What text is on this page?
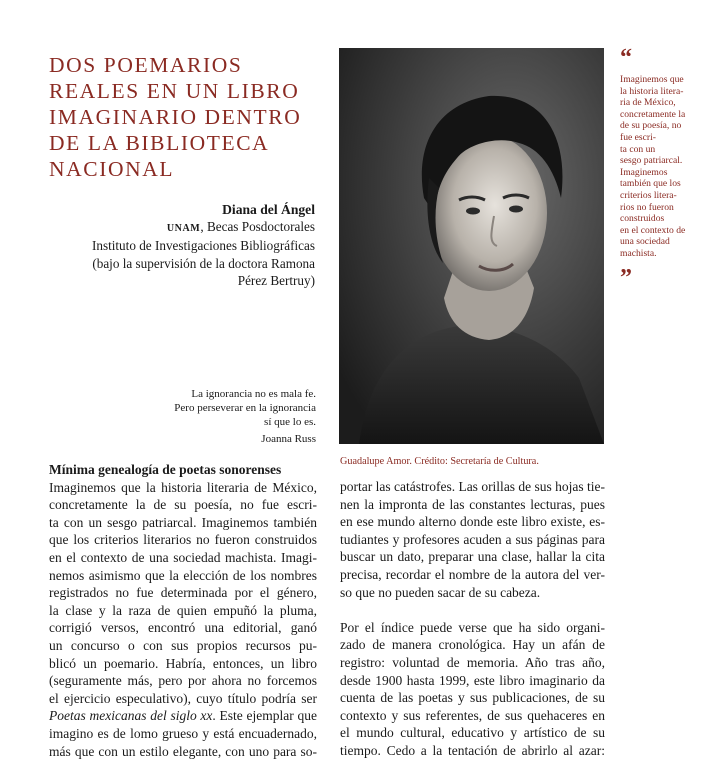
DOS POEMARIOS
REALES EN UN LIBRO
IMAGINARIO DENTRO
DE LA BIBLIOTECA
NACIONAL
Diana del Ángel
UNAM, Becas Posdoctorales
Instituto de Investigaciones Bibliográficas
(bajo la supervisión de la doctora Ramona
Pérez Bertruy)
La ignorancia no es mala fe.
Pero perseverar en la ignorancia
sí que lo es.
Joanna Russ
Guadalupe Amor. Crédito: Secretaría de Cultura.
“
Imaginemos que
la historia litera-
ria de México,
concretamente la
de su poesía, no
fue escri-
ta con un
sesgo patriarcal.
Imaginemos
también que los
criterios litera-
rios no fueron
construidos
en el contexto de
una sociedad
machista.
”
Mínima genealogía de poetas sonorenses
Imaginemos que la historia literaria de México,
concretamente la de su poesía, no fue escri-
ta con un sesgo patriarcal. Imaginemos también
que los criterios literarios no fueron construidos
en el contexto de una sociedad machista. Imagi-
nemos asimismo que la elección de los nombres
registrados no fue determinada por el género,
la clase y la raza de quien empuñó la pluma,
corrigió versos, encontró una editorial, ganó
un concurso o con sus propios recursos pu-
blicó un poemario. Habría, entonces, un libro
(seguramente más, pero por ahora no forcemos
el ejercicio especulativo), cuyo título podría ser
Poetas mexicanas del siglo xx. Este ejemplar que
imagino es de lomo grueso y está encuadernado,
más que con un estilo elegante, con uno para so-
portar las catástrofes. Las orillas de sus hojas tie-
nen la impronta de las constantes lecturas, pues
en ese mundo alterno donde este libro existe, es-
tudiantes y profesores acuden a sus páginas para
buscar un dato, preparar una clase, hallar la cita
precisa, recordar el nombre de la autora del ver-
so que no pueden sacar de su cabeza.
Por el índice puede verse que ha sido organi-
zado de manera cronológica. Hay un afán de
registro: voluntad de memoria. Año tras año,
desde 1900 hasta 1999, este libro imaginario da
cuenta de las poetas y sus publicaciones, de su
contexto y sus referentes, de sus quehaceres en
el mundo cultural, educativo y artístico de su
tiempo. Cedo a la tentación de abrirlo al azar:
